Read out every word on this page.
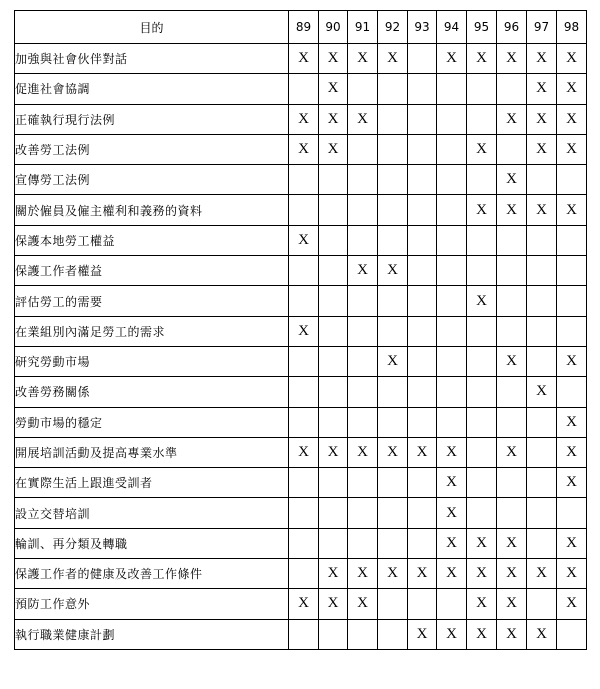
目的	89	90	91	92	93	94	95	96	97	98
加強與社會伙伴對話	X	X	X	X		X	X	X	X	X
促進社會協調		X							X	X
正確執行現行法例	X	X	X					X	X	X
改善勞工法例	X	X					X		X	X
宣傳勞工法例								X		
關於僱員及僱主權利和義務的資料							X	X	X	X
保護本地勞工權益	X									
保護工作者權益			X	X						
評估勞工的需要							X			
在業組別內滿足勞工的需求	X									
研究勞動市場				X				X		X
改善勞務關係									X	
勞動市場的穩定										X
開展培訓活動及提高專業水準	X	X	X	X	X	X		X		X
在實際生活上跟進受訓者						X				X
設立交替培訓						X				
輪訓、再分類及轉職						X	X	X		X
保護工作者的健康及改善工作條件		X	X	X	X	X	X	X	X	X
預防工作意外	X	X	X				X	X		X
執行職業健康計劃					X	X	X	X	X	
